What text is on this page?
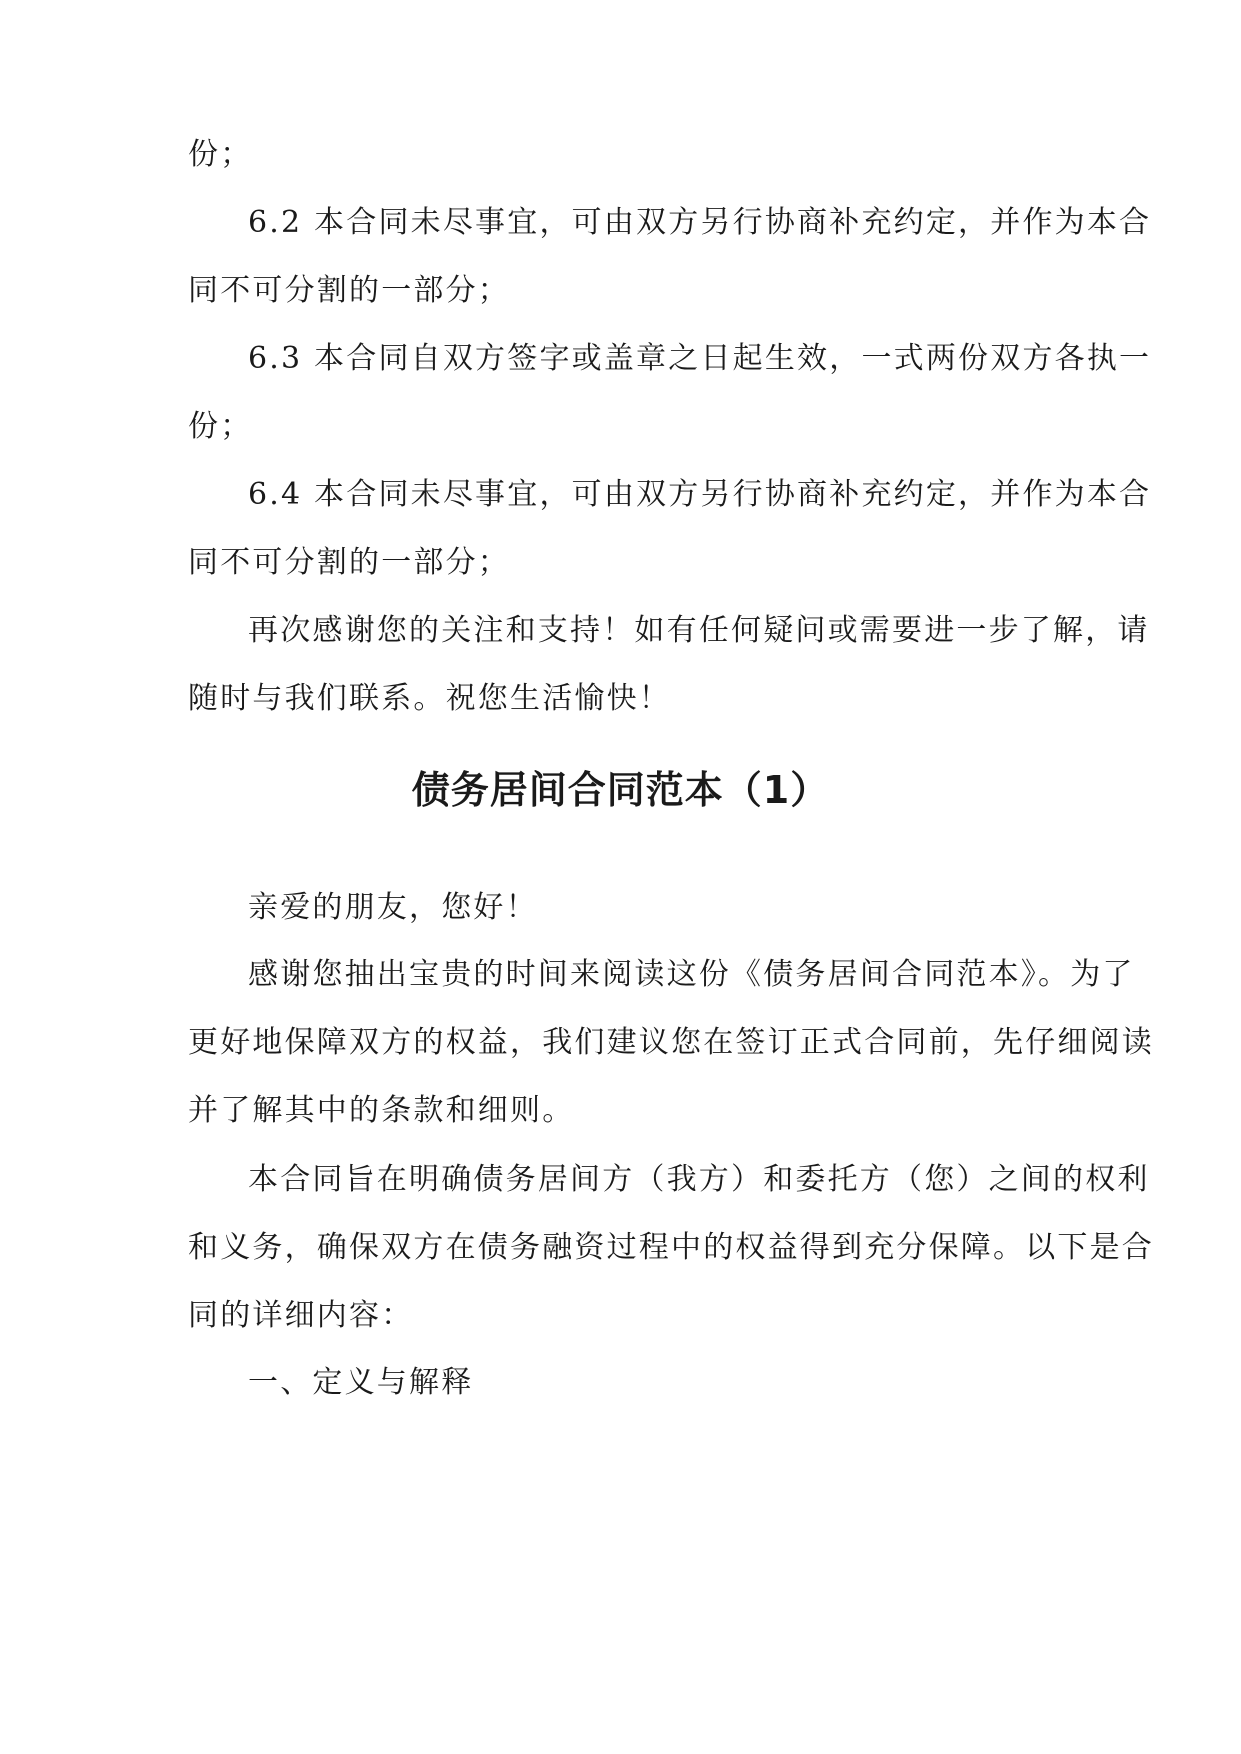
份；
6.2 本合同未尽事宜，可由双方另行协商补充约定，并作为本合
同不可分割的一部分；
6.3 本合同自双方签字或盖章之日起生效，一式两份双方各执一
份；
6.4 本合同未尽事宜，可由双方另行协商补充约定，并作为本合
同不可分割的一部分；
再次感谢您的关注和支持！如有任何疑问或需要进一步了解，请
随时与我们联系。祝您生活愉快！
债务居间合同范本（1）
亲爱的朋友，您好！
感谢您抽出宝贵的时间来阅读这份《债务居间合同范本》。为了
更好地保障双方的权益，我们建议您在签订正式合同前，先仔细阅读
并了解其中的条款和细则。
本合同旨在明确债务居间方（我方）和委托方（您）之间的权利
和义务，确保双方在债务融资过程中的权益得到充分保障。以下是合
同的详细内容：
一、定义与解释
